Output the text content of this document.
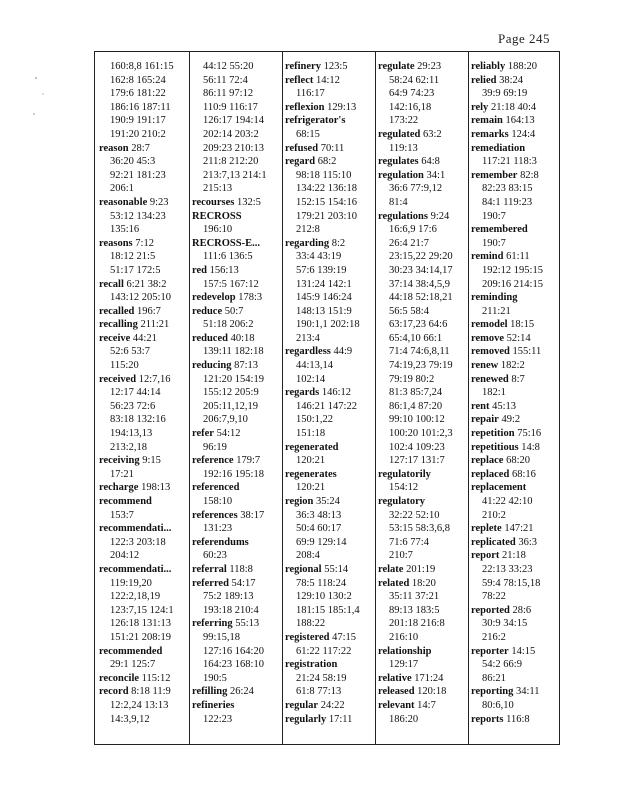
Page 245
160:8,8 161:15
162:8 165:24
179:6 181:22
186:16 187:11
190:9 191:17
191:20 210:2
reason 28:7
36:20 45:3
92:21 181:23
206:1
reasonable 9:23
53:12 134:23
135:16
reasons 7:12
18:12 21:5
51:17 172:5
recall 6:21 38:2
143:12 205:10
recalled 196:7
recalling 211:21
receive 44:21
52:6 53:7
115:20
received 12:7,16
12:17 44:14
56:23 72:6
83:18 132:16
194:13,13
213:2,18
receiving 9:15
17:21
recharge 198:13
recommend
153:7
recommendati...
122:3 203:18
204:12
recommendati...
119:19,20
122:2,18,19
123:7,15 124:1
126:18 131:13
151:21 208:19
recommended
29:1 125:7
reconcile 115:12
record 8:18 11:9
12:2,24 13:13
14:3,9,12
44:12 55:20
56:11 72:4
86:11 97:12
110:9 116:17
126:17 194:14
202:14 203:2
209:23 210:13
211:8 212:20
213:7,13 214:1
215:13
recourses 132:5
RECROSS
196:10
RECROSS-E...
111:6 136:5
red 156:13
157:5 167:12
redevelop 178:3
reduce 50:7
51:18 206:2
reduced 40:18
139:11 182:18
reducing 87:13
121:20 154:19
155:12 205:9
205:11,12,19
206:7,9,10
refer 54:12
96:19
reference 179:7
192:16 195:18
referenced
158:10
references 38:17
131:23
referendums
60:23
referral 118:8
referred 54:17
75:2 189:13
193:18 210:4
referring 55:13
99:15,18
127:16 164:20
164:23 168:10
190:5
refilling 26:24
refineries
122:23
refinery 123:5
reflect 14:12
116:17
reflexion 129:13
refrigerator's
68:15
refused 70:11
regard 68:2
98:18 115:10
134:22 136:18
152:15 154:16
179:21 203:10
212:8
regarding 8:2
33:4 43:19
57:6 139:19
131:24 142:1
145:9 146:24
148:13 151:9
190:1,1 202:18
213:4
regardless 44:9
44:13,14
102:14
regards 146:12
146:21 147:22
150:1,22
151:18
regenerated
120:21
regenerates
120:21
region 35:24
36:3 48:13
50:4 60:17
69:9 129:14
208:4
regional 55:14
78:5 118:24
129:10 130:2
181:15 185:1,4
188:22
registered 47:15
61:22 117:22
registration
21:24 58:19
61:8 77:13
regular 24:22
regularly 17:11
regulate 29:23
58:24 62:11
64:9 74:23
142:16,18
173:22
regulated 63:2
119:13
regulates 64:8
regulation 34:1
36:6 77:9,12
81:4
regulations 9:24
16:6,9 17:6
26:4 21:7
23:15,22 29:20
30:23 34:14,17
37:14 38:4,5,9
44:18 52:18,21
56:5 58:4
63:17,23 64:6
65:4,10 66:1
71:4 74:6,8,11
74:19,23 79:19
79:19 80:2
81:3 85:7,24
86:1,4 87:20
99:10 100:12
100:20 101:2,3
102:4 109:23
127:17 131:7
regulatorily
154:12
regulatory
32:22 52:10
53:15 58:3,6,8
71:6 77:4
210:7
relate 201:19
related 18:20
35:11 37:21
89:13 183:5
201:18 216:8
216:10
relationship
129:17
relative 171:24
released 120:18
relevant 14:7
186:20
reliably 188:20
relied 38:24
39:9 69:19
rely 21:18 40:4
remain 164:13
remarks 124:4
remediation
117:21 118:3
remember 82:8
82:23 83:15
84:1 119:23
190:7
remembered
190:7
remind 61:11
192:12 195:15
209:16 214:15
reminding
211:21
remodel 18:15
remove 52:14
removed 155:11
renew 182:2
renewed 8:7
182:1
rent 45:13
repair 49:2
repetition 75:16
repetitious 14:8
replace 68:20
replaced 68:16
replacement
41:22 42:10
210:2
replete 147:21
replicated 36:3
report 21:18
22:13 33:23
59:4 78:15,18
78:22
reported 28:6
30:9 34:15
216:2
reporter 14:15
54:2 66:9
86:21
reporting 34:11
80:6,10
reports 116:8
